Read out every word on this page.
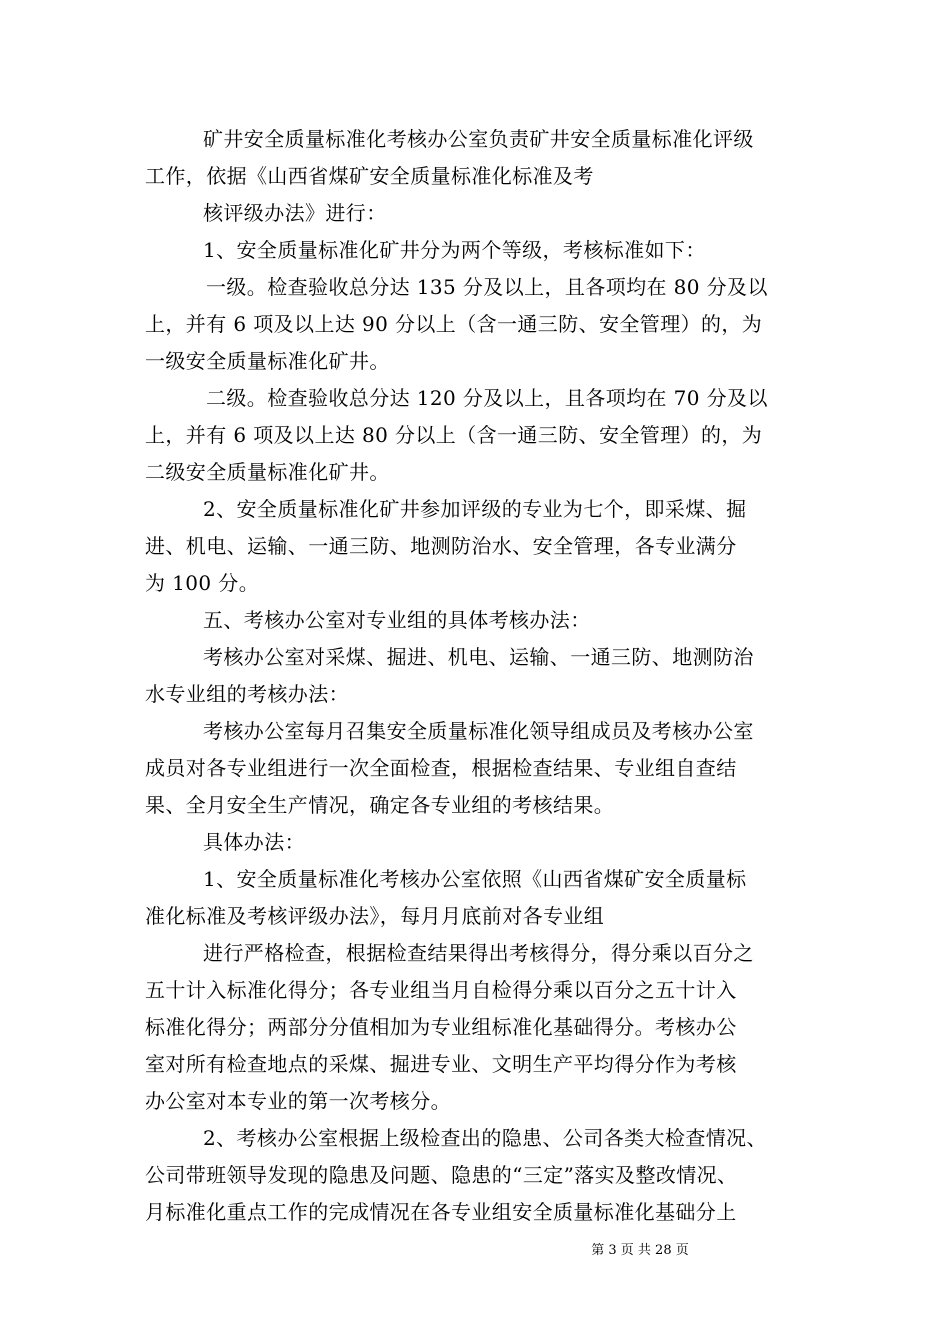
矿井安全质量标准化考核办公室负责矿井安全质量标准化评级
工作，依据《山西省煤矿安全质量标准化标准及考
核评级办法》进行：
1、安全质量标准化矿井分为两个等级，考核标准如下：
一级。检查验收总分达 135 分及以上，且各项均在 80 分及以
上，并有 6 项及以上达 90 分以上（含一通三防、安全管理）的，为
一级安全质量标准化矿井。
二级。检查验收总分达 120 分及以上，且各项均在 70 分及以
上，并有 6 项及以上达 80 分以上（含一通三防、安全管理）的，为
二级安全质量标准化矿井。
2、安全质量标准化矿井参加评级的专业为七个，即采煤、掘
进、机电、运输、一通三防、地测防治水、安全管理，各专业满分
为 100 分。
五、考核办公室对专业组的具体考核办法：
考核办公室对采煤、掘进、机电、运输、一通三防、地测防治
水专业组的考核办法：
考核办公室每月召集安全质量标准化领导组成员及考核办公室
成员对各专业组进行一次全面检查，根据检查结果、专业组自查结
果、全月安全生产情况，确定各专业组的考核结果。
具体办法：
1、安全质量标准化考核办公室依照《山西省煤矿安全质量标
准化标准及考核评级办法》，每月月底前对各专业组
进行严格检查，根据检查结果得出考核得分，得分乘以百分之
五十计入标准化得分；各专业组当月自检得分乘以百分之五十计入
标准化得分；两部分分值相加为专业组标准化基础得分。考核办公
室对所有检查地点的采煤、掘进专业、文明生产平均得分作为考核
办公室对本专业的第一次考核分。
2、考核办公室根据上级检查出的隐患、公司各类大检查情况、
公司带班领导发现的隐患及问题、隐患的“三定”落实及整改情况、
月标准化重点工作的完成情况在各专业组安全质量标准化基础分上
第 3 页 共 28 页
